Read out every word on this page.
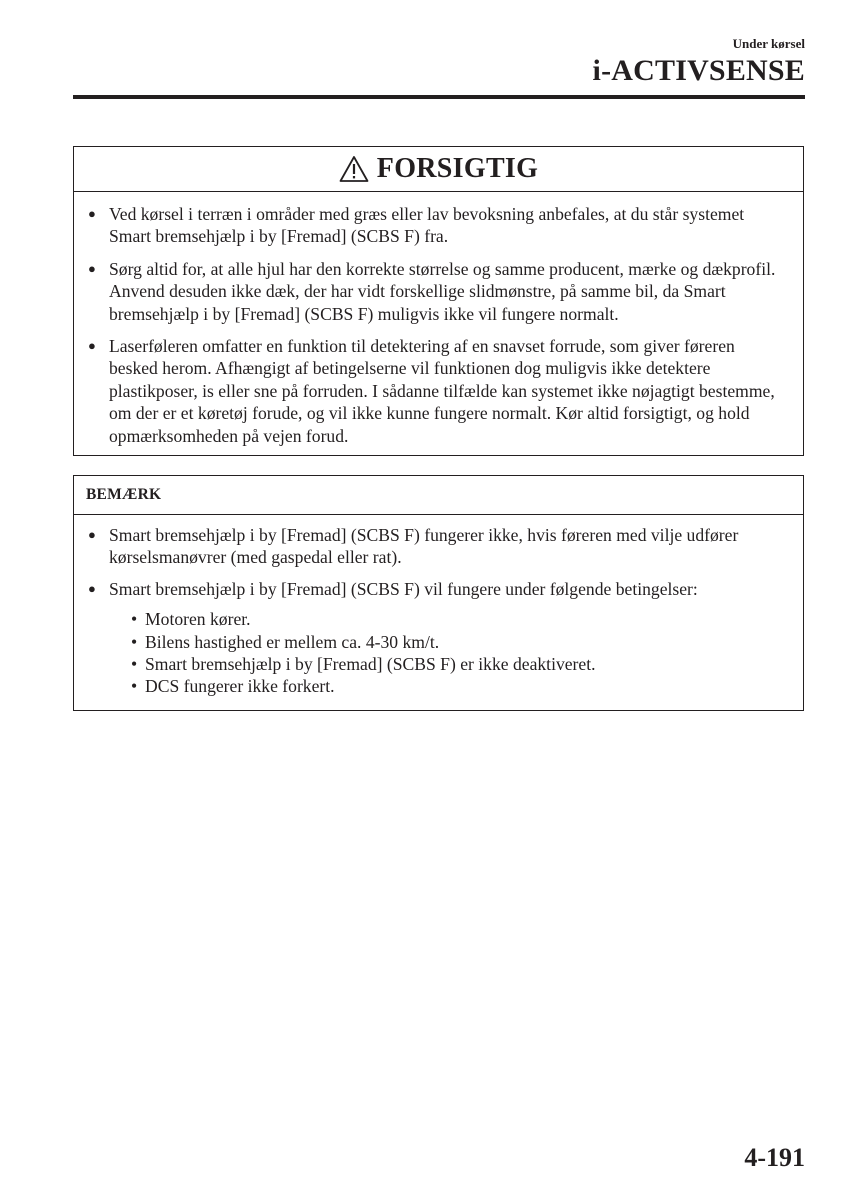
Under kørsel
i-ACTIVSENSE
FORSIGTIG
● Ved kørsel i terræn i områder med græs eller lav bevoksning anbefales, at du står systemet Smart bremsehjælp i by [Fremad] (SCBS F) fra.
● Sørg altid for, at alle hjul har den korrekte størrelse og samme producent, mærke og dækprofil. Anvend desuden ikke dæk, der har vidt forskellige slidmønstre, på samme bil, da Smart bremsehjælp i by [Fremad] (SCBS F) muligvis ikke vil fungere normalt.
● Laserføleren omfatter en funktion til detektering af en snavset forrude, som giver føreren besked herom. Afhængigt af betingelserne vil funktionen dog muligvis ikke detektere plastikposer, is eller sne på forruden. I sådanne tilfælde kan systemet ikke nøjagtigt bestemme, om der er et køretøj forude, og vil ikke kunne fungere normalt. Kør altid forsigtigt, og hold opmærksomheden på vejen forud.
BEMÆRK
● Smart bremsehjælp i by [Fremad] (SCBS F) fungerer ikke, hvis føreren med vilje udfører kørselsmanøvrer (med gaspedal eller rat).
● Smart bremsehjælp i by [Fremad] (SCBS F) vil fungere under følgende betingelser:
• Motoren kører.
• Bilens hastighed er mellem ca. 4-30 km/t.
• Smart bremsehjælp i by [Fremad] (SCBS F) er ikke deaktiveret.
• DCS fungerer ikke forkert.
4-191
